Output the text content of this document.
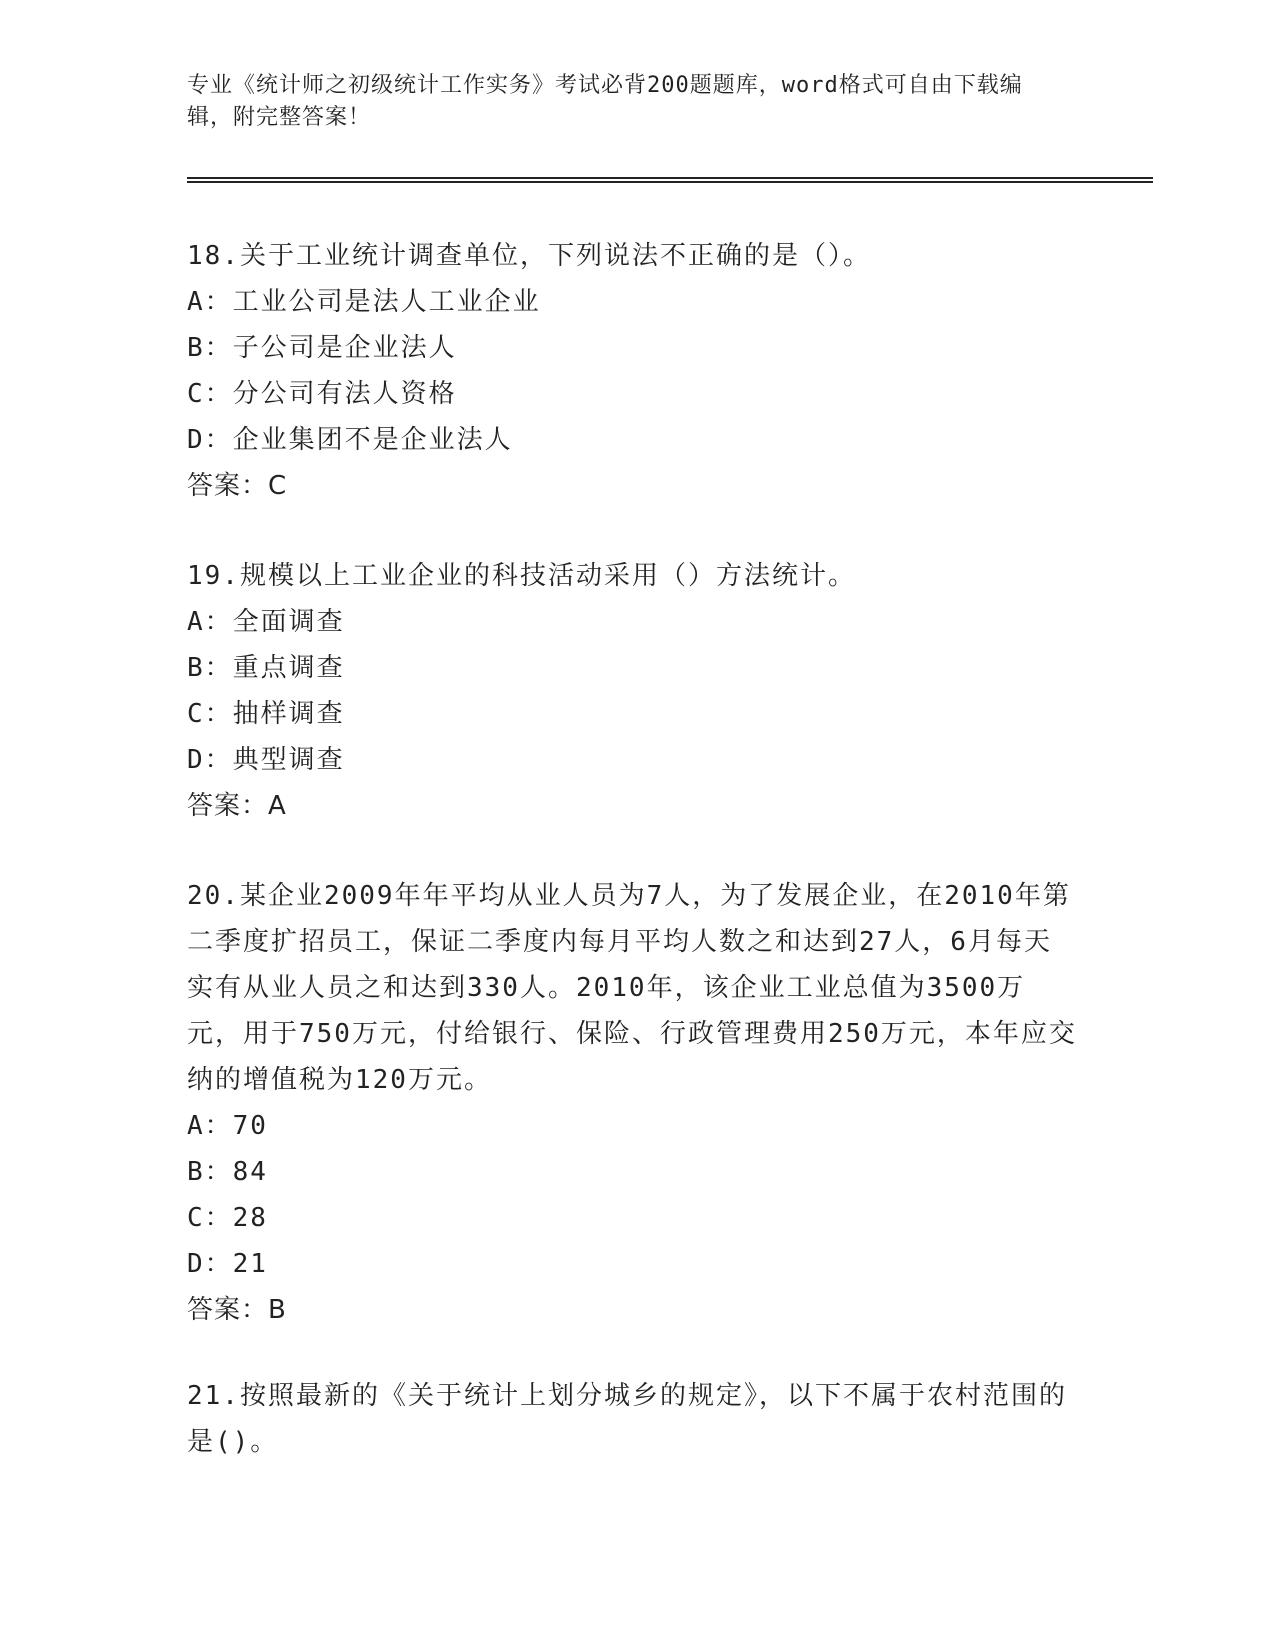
专业《统计师之初级统计工作实务》考试必背200题题库，word格式可自由下载编辑，附完整答案！
18.关于工业统计调查单位，下列说法不正确的是（）。
A：工业公司是法人工业企业
B：子公司是企业法人
C：分公司有法人资格
D：企业集团不是企业法人
答案：C
19.规模以上工业企业的科技活动采用（）方法统计。
A：全面调查
B：重点调查
C：抽样调查
D：典型调查
答案：A
20.某企业2009年年平均从业人员为7人，为了发展企业，在2010年第二季度扩招员工，保证二季度内每月平均人数之和达到27人，6月每天实有从业人员之和达到330人。2010年，该企业工业总值为3500万元，用于750万元，付给银行、保险、行政管理费用250万元，本年应交纳的增值税为120万元。
A：70
B：84
C：28
D：21
答案：B
21.按照最新的《关于统计上划分城乡的规定》，以下不属于农村范围的是()。
